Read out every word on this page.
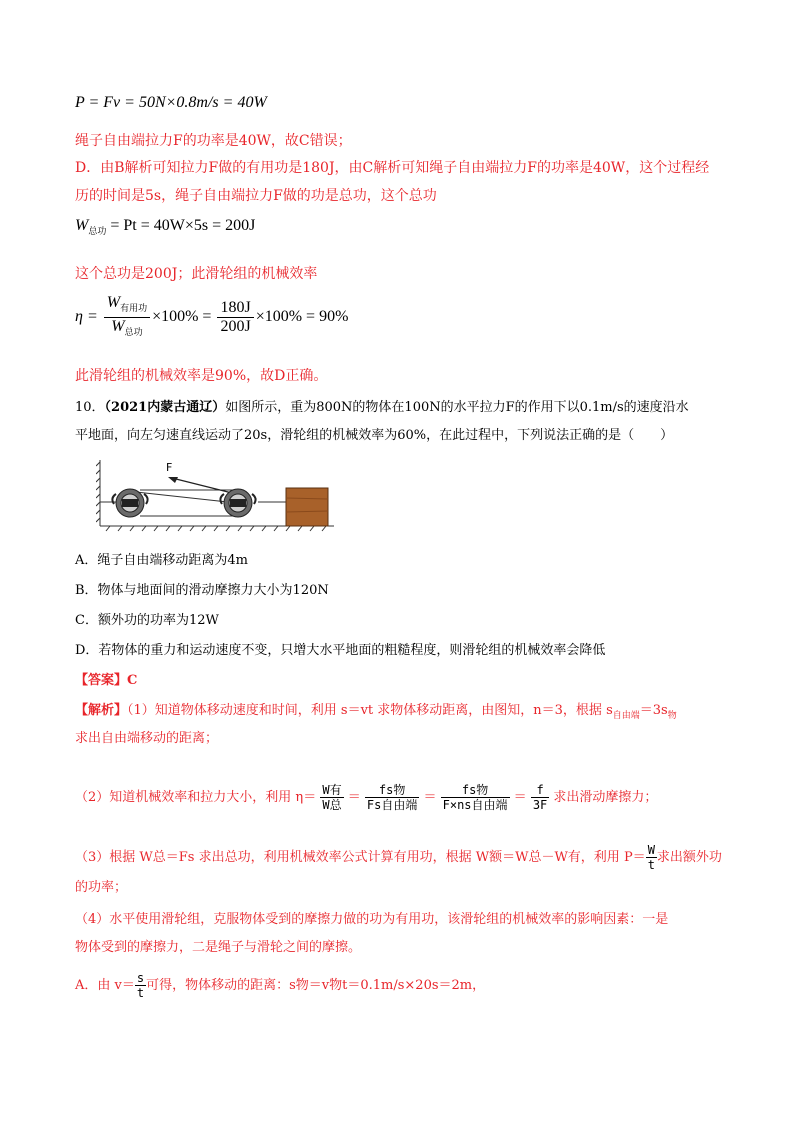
P = Fv = 50N×0.8m/s = 40W
绳子自由端拉力F的功率是40W，故C错误；
D．由B解析可知拉力F做的有用功是180J，由C解析可知绳子自由端拉力F的功率是40W，这个过程经
历的时间是5s，绳子自由端拉力F做的功是总功，这个总功
$W_{总功} = Pt = 40W\times 5s = 200J$
这个总功是200J；此滑轮组的机械效率
$\eta = \frac{W_{有用功}}{W_{总功}} \times 100\% = \frac{180J}{200J} \times 100\% = 90\%$
此滑轮组的机械效率是90%，故D正确。
10．（2021内蒙古通辽）如图所示，重为800N的物体在100N的水平拉力F的作用下以0.1m/s的速度沿水
平地面，向左匀速直线运动了20s，滑轮组的机械效率为60%，在此过程中，下列说法正确的是（　　）
F
A．绳子自由端移动距离为4m
B．物体与地面间的滑动摩擦力大小为120N
C．额外功的功率为12W
D．若物体的重力和运动速度不变，只增大水平地面的粗糙程度，则滑轮组的机械效率会降低
【答案】C
【解析】（1）知道物体移动速度和时间，利用 s＝vt 求物体移动距离，由图知，n＝3，根据 $s_{自由端}=3s_物$
求出自由端移动的距离；
（2）知道机械效率和拉力大小，利用 $\eta= \frac{\text{W有}}{\text{W总}} = \frac{\text{fs物}}{\text{Fs自由端}} = \frac{\text{fs物}}{\text{F×ns自由端}} = \frac{f}{3F}$ 求出滑动摩擦力；
（3）根据 W总＝Fs 求出总功，利用机械效率公式计算有用功，根据 W额＝W总－W有，利用 $P= \frac{W}{t}$ 求出额外功
的功率；
（4）水平使用滑轮组，克服物体受到的摩擦力做的功为有用功，该滑轮组的机械效率的影响因素：一是
物体受到的摩擦力，二是绳子与滑轮之间的摩擦。
A．由 $v= \frac{s}{t}$ 可得，物体移动的距离：s物＝v物t＝0.1m/s×20s＝2m，
